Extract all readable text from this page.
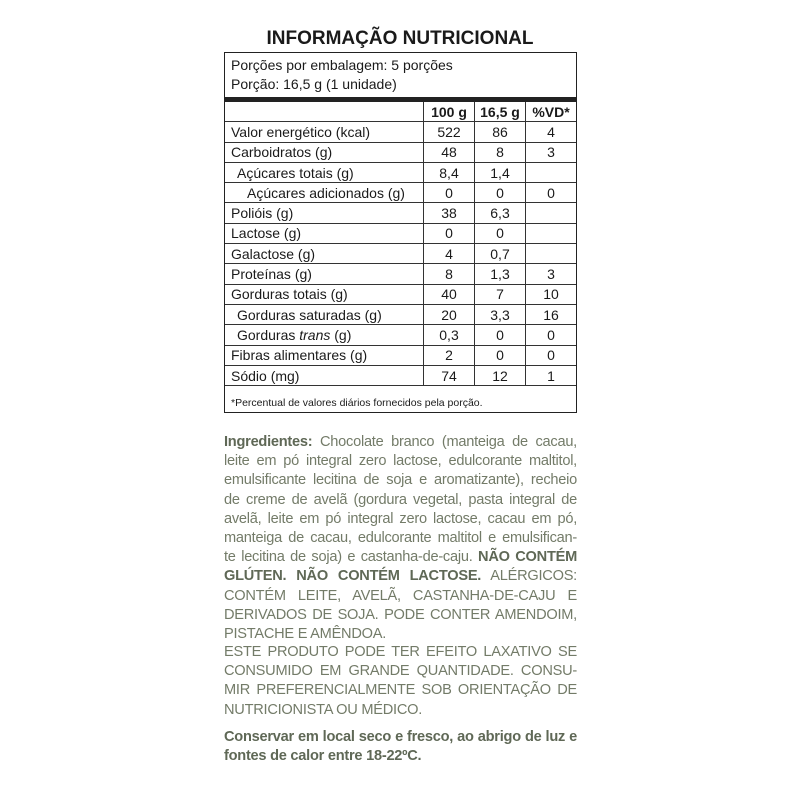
INFORMAÇÃO NUTRICIONAL
Porções por embalagem: 5 porções
Porção: 16,5 g (1 unidade)
	100 g	16,5 g	%VD*
Valor energético (kcal)	522	86	4
Carboidratos (g)	48	8	3
Açúcares totais (g)	8,4	1,4	
Açúcares adicionados (g)	0	0	0
Polióis (g)	38	6,3	
Lactose (g)	0	0	
Galactose (g)	4	0,7	
Proteínas (g)	8	1,3	3
Gorduras totais (g)	40	7	10
Gorduras saturadas (g)	20	3,3	16
Gorduras trans (g)	0,3	0	0
Fibras alimentares (g)	2	0	0
Sódio (mg)	74	12	1
*Percentual de valores diários fornecidos pela porção.
Ingredientes: Chocolate branco (manteiga de cacau,
leite em pó integral zero lactose, edulcorante maltitol,
emulsificante lecitina de soja e aromatizante), recheio
de creme de avelã (gordura vegetal, pasta integral de
avelã, leite em pó integral zero lactose, cacau em pó,
manteiga de cacau, edulcorante maltitol e emulsifican-
te lecitina de soja) e castanha-de-caju. NÃO CONTÉM
GLÚTEN. NÃO CONTÉM LACTOSE. ALÉRGICOS:
CONTÉM LEITE, AVELÃ, CASTANHA-DE-CAJU E
DERIVADOS DE SOJA. PODE CONTER AMENDOIM,
PISTACHE E AMÊNDOA.
ESTE PRODUTO PODE TER EFEITO LAXATIVO SE
CONSUMIDO EM GRANDE QUANTIDADE. CONSU-
MIR PREFERENCIALMENTE SOB ORIENTAÇÃO DE
NUTRICIONISTA OU MÉDICO.
Conservar em local seco e fresco, ao abrigo de luz e
fontes de calor entre 18-22ºC.
